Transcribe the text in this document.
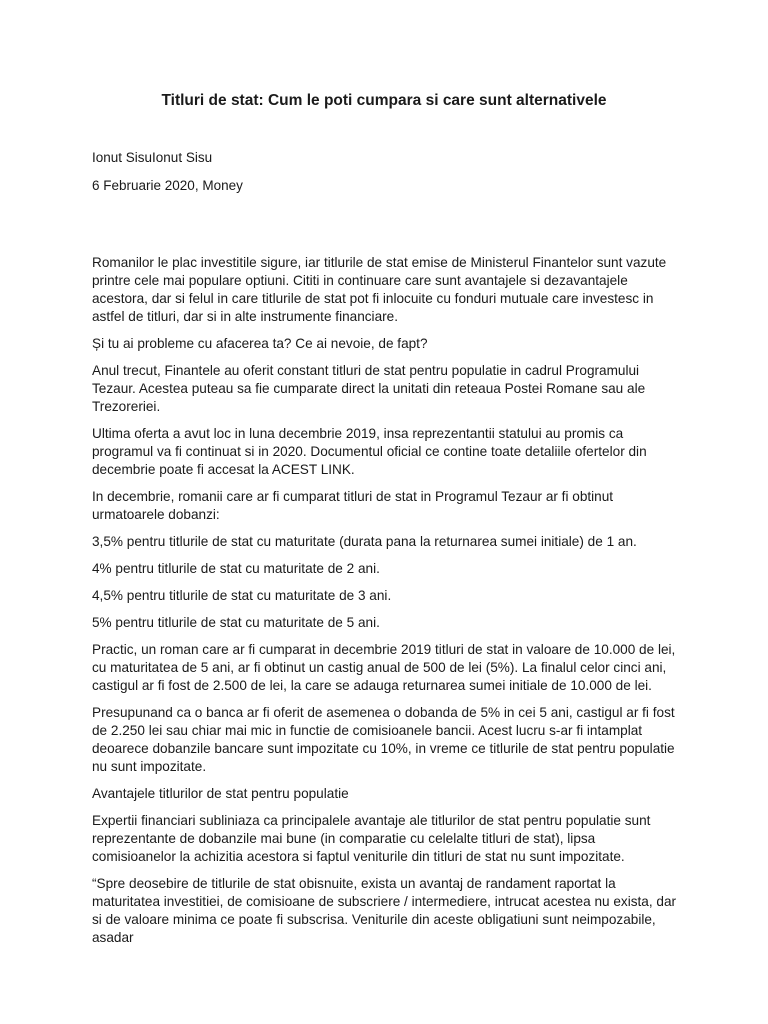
Titluri de stat: Cum le poti cumpara si care sunt alternativele
Ionut SisuIonut Sisu
6 Februarie 2020, Money

Romanilor le plac investitile sigure, iar titlurile de stat emise de Ministerul Finantelor sunt vazute printre cele mai populare optiuni. Cititi in continuare care sunt avantajele si dezavantajele acestora, dar si felul in care titlurile de stat pot fi inlocuite cu fonduri mutuale care investesc in astfel de titluri, dar si in alte instrumente financiare.

Și tu ai probleme cu afacerea ta? Ce ai nevoie, de fapt?

Anul trecut, Finantele au oferit constant titluri de stat pentru populatie in cadrul Programului Tezaur. Acestea puteau sa fie cumparate direct la unitati din reteaua Postei Romane sau ale Trezoreriei.

Ultima oferta a avut loc in luna decembrie 2019, insa reprezentantii statului au promis ca programul va fi continuat si in 2020. Documentul oficial ce contine toate detaliile ofertelor din decembrie poate fi accesat la ACEST LINK.

In decembrie, romanii care ar fi cumparat titluri de stat in Programul Tezaur ar fi obtinut urmatoarele dobanzi:

3,5% pentru titlurile de stat cu maturitate (durata pana la returnarea sumei initiale) de 1 an.

4% pentru titlurile de stat cu maturitate de 2 ani.

4,5% pentru titlurile de stat cu maturitate de 3 ani.

5% pentru titlurile de stat cu maturitate de 5 ani.

Practic, un roman care ar fi cumparat in decembrie 2019 titluri de stat in valoare de 10.000 de lei, cu maturitatea de 5 ani, ar fi obtinut un castig anual de 500 de lei (5%). La finalul celor cinci ani, castigul ar fi fost de 2.500 de lei, la care se adauga returnarea sumei initiale de 10.000 de lei.

Presupunand ca o banca ar fi oferit de asemenea o dobanda de 5% in cei 5 ani, castigul ar fi fost de 2.250 lei sau chiar mai mic in functie de comisioanele bancii. Acest lucru s-ar fi intamplat deoarece dobanzile bancare sunt impozitate cu 10%, in vreme ce titlurile de stat pentru populatie nu sunt impozitate.

Avantajele titlurilor de stat pentru populatie

Expertii financiari subliniaza ca principalele avantaje ale titlurilor de stat pentru populatie sunt reprezentante de dobanzile mai bune (in comparatie cu celelalte titluri de stat), lipsa comisioanelor la achizitia acestora si faptul veniturile din titluri de stat nu sunt impozitate.

“Spre deosebire de titlurile de stat obisnuite, exista un avantaj de randament raportat la maturitatea investitiei, de comisioane de subscriere / intermediere, intrucat acestea nu exista, dar si de valoare minima ce poate fi subscrisa. Veniturile din aceste obligatiuni sunt neimpozabile, asadar
